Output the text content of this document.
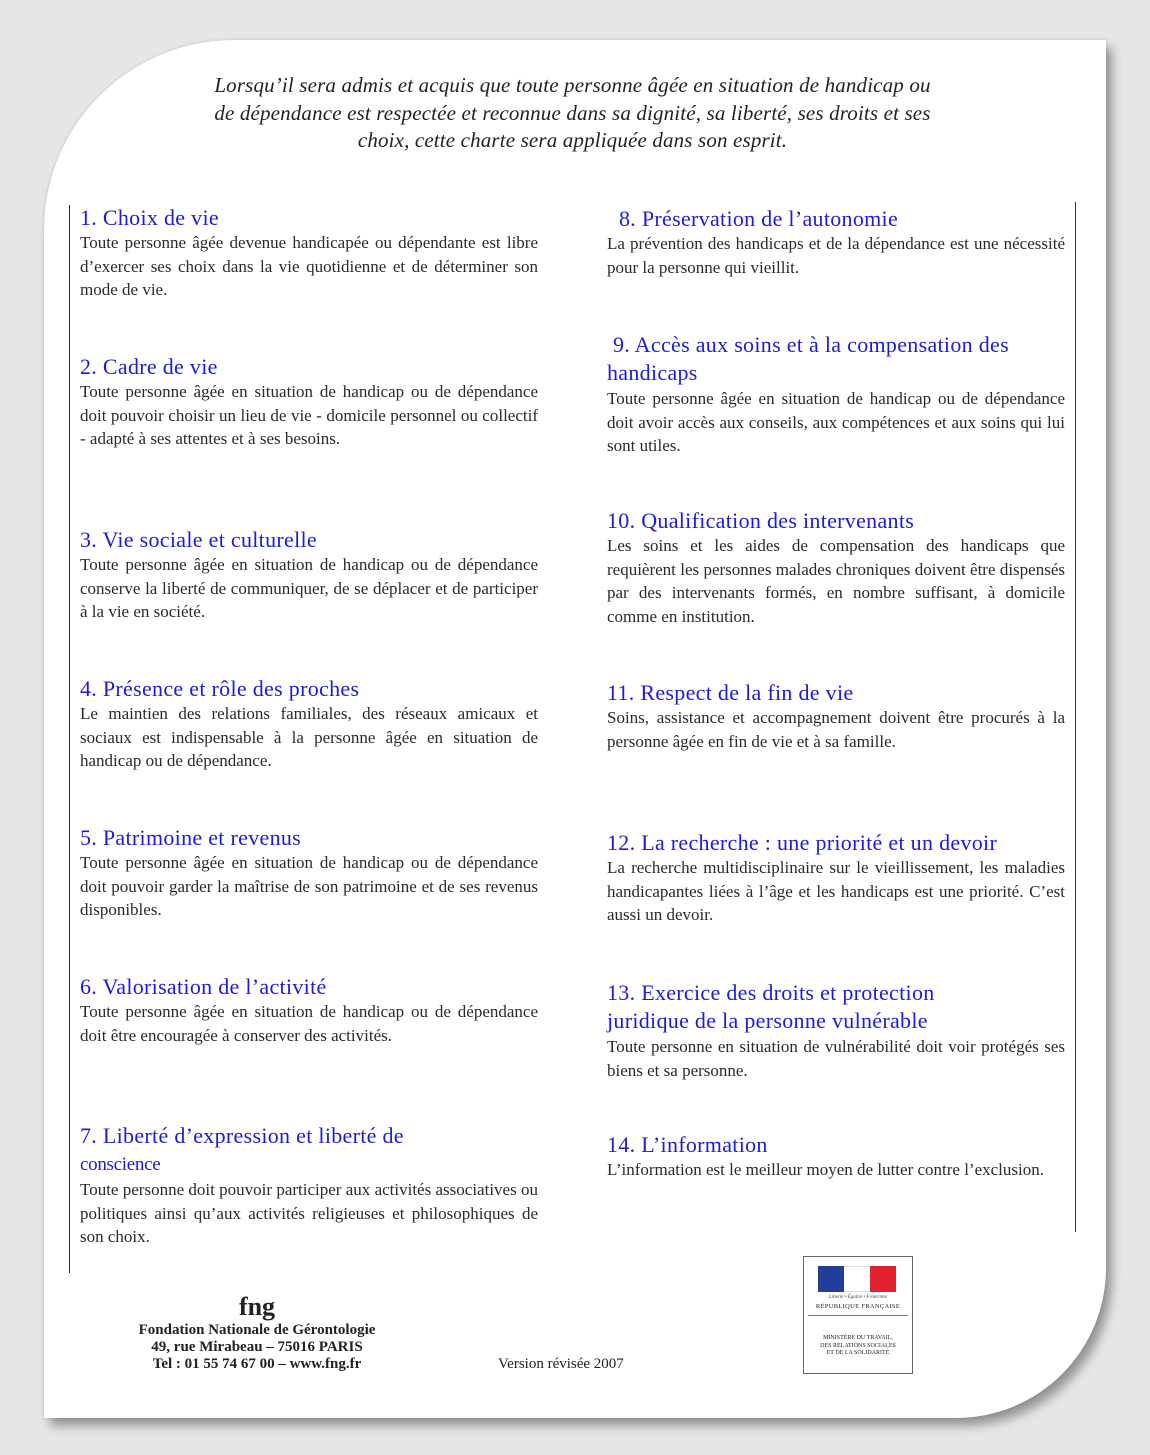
Lorsqu’il sera admis et acquis que toute personne âgée en situation de handicap ou
de dépendance est respectée et reconnue dans sa dignité, sa liberté, ses droits et ses
choix, cette charte sera appliquée dans son esprit.
1. Choix de vie

Toute personne âgée devenue handicapée ou dépendante est libre d’exercer ses choix dans la vie quotidienne et de déterminer son mode de vie.

2. Cadre de vie

Toute personne âgée en situation de handicap ou de dépendance doit pouvoir choisir un lieu de vie - domicile personnel ou collectif - adapté à ses attentes et à ses besoins.

3. Vie sociale et culturelle

Toute personne âgée en situation de handicap ou de dépendance conserve la liberté de communiquer, de se déplacer et de participer à la vie en société.

4. Présence et rôle des proches

Le maintien des relations familiales, des réseaux amicaux et sociaux est indispensable à la personne âgée en situation de handicap ou de dépendance.

5. Patrimoine et revenus

Toute personne âgée en situation de handicap ou de dépendance doit pouvoir garder la maîtrise de son patrimoine et de ses revenus disponibles.

6. Valorisation de l’activité

Toute personne âgée en situation de handicap ou de dépendance doit être encouragée à conserver des activités.

7. Liberté d’expression et liberté de
conscience

Toute personne doit pouvoir participer aux activités associatives ou politiques ainsi qu’aux activités religieuses et philosophiques de son choix.

8. Préservation de l’autonomie

La prévention des handicaps et de la dépendance est une nécessité pour la personne qui vieillit.

9. Accès aux soins et à la compensation des handicaps

Toute personne âgée en situation de handicap ou de dépendance doit avoir accès aux conseils, aux compétences et aux soins qui lui sont utiles.

10. Qualification des intervenants

Les soins et les aides de compensation des handicaps que requièrent les personnes malades chroniques doivent être dispensés par des intervenants formés, en nombre suffisant, à domicile comme en institution.

11. Respect de la fin de vie

Soins, assistance et accompagnement doivent être procurés à la personne âgée en fin de vie et à sa famille.

12. La recherche : une priorité et un devoir

La recherche multidisciplinaire sur le vieillissement, les maladies handicapantes liées à l’âge et les handicaps est une priorité. C’est aussi un devoir.

13. Exercice des droits et protection juridique de la personne vulnérable

Toute personne en situation de vulnérabilité doit voir protégés ses biens et sa personne.

14. L’information

L’information est le meilleur moyen de lutter contre l’exclusion.

fng
Fondation Nationale de Gérontologie
49, rue Mirabeau – 75016 PARIS
Tel : 01 55 74 67 00 – www.fng.fr	Version révisée 2007
Liberté • Égalité • Fraternité
RÉPUBLIQUE FRANÇAISE
MINISTÈRE DU TRAVAIL,
DES RELATIONS SOCIALES
ET DE LA SOLIDARITÉ
